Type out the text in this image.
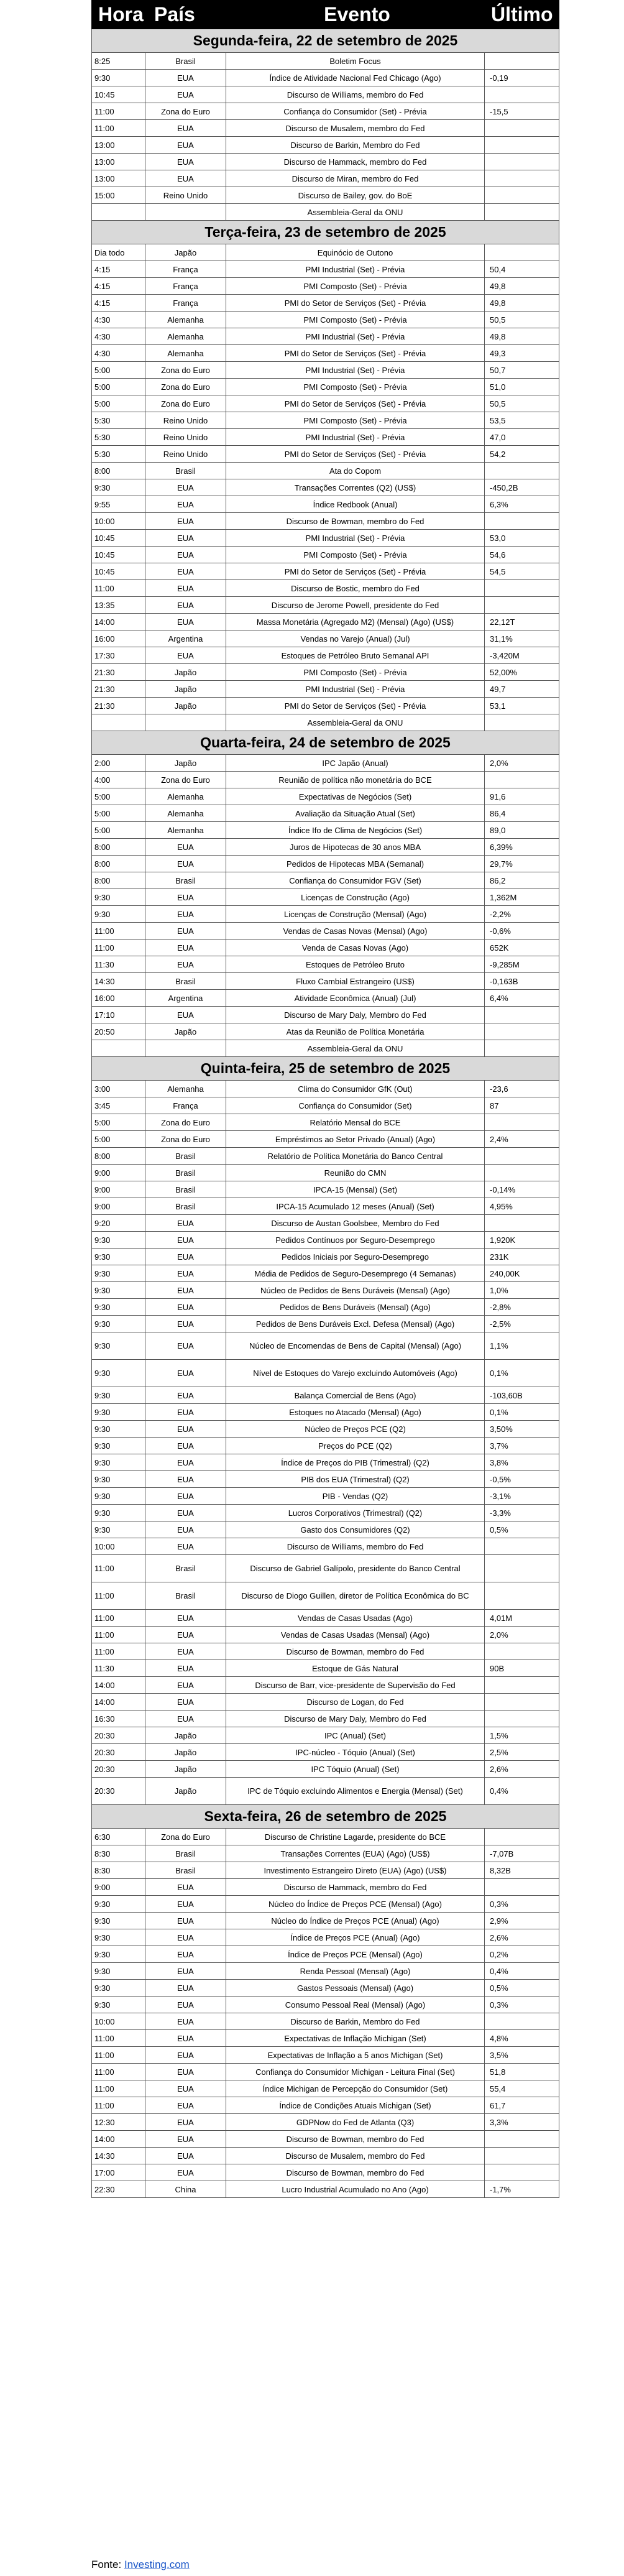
Hora	País	Evento	Último
Segunda-feira, 22 de setembro de 2025			
8:25	Brasil	Boletim Focus	
9:30	EUA	Índice de Atividade Nacional Fed Chicago (Ago)	-0,19
10:45	EUA	Discurso de Williams, membro do Fed	
11:00	Zona do Euro	Confiança do Consumidor (Set) - Prévia	-15,5
11:00	EUA	Discurso de Musalem, membro do Fed	
13:00	EUA	Discurso de Barkin, Membro do Fed	
13:00	EUA	Discurso de Hammack, membro do Fed	
13:00	EUA	Discurso de Miran, membro do Fed	
15:00	Reino Unido	Discurso de Bailey, gov. do BoE	
		Assembleia-Geral da ONU	
Terça-feira, 23 de setembro de 2025			
Dia todo	Japão	Equinócio de Outono	
4:15	França	PMI Industrial (Set) - Prévia	50,4
4:15	França	PMI Composto (Set) - Prévia	49,8
4:15	França	PMI do Setor de Serviços (Set) - Prévia	49,8
4:30	Alemanha	PMI Composto (Set) - Prévia	50,5
4:30	Alemanha	PMI Industrial (Set) - Prévia	49,8
4:30	Alemanha	PMI do Setor de Serviços (Set) - Prévia	49,3
5:00	Zona do Euro	PMI Industrial (Set) - Prévia	50,7
5:00	Zona do Euro	PMI Composto (Set) - Prévia	51,0
5:00	Zona do Euro	PMI do Setor de Serviços (Set) - Prévia	50,5
5:30	Reino Unido	PMI Composto (Set) - Prévia	53,5
5:30	Reino Unido	PMI Industrial (Set) - Prévia	47,0
5:30	Reino Unido	PMI do Setor de Serviços (Set) - Prévia	54,2
8:00	Brasil	Ata do Copom	
9:30	EUA	Transações Correntes (Q2) (US$)	-450,2B
9:55	EUA	Índice Redbook (Anual)	6,3%
10:00	EUA	Discurso de Bowman, membro do Fed	
10:45	EUA	PMI Industrial (Set) - Prévia	53,0
10:45	EUA	PMI Composto (Set) - Prévia	54,6
10:45	EUA	PMI do Setor de Serviços (Set) - Prévia	54,5
11:00	EUA	Discurso de Bostic, membro do Fed	
13:35	EUA	Discurso de Jerome Powell, presidente do Fed	
14:00	EUA	Massa Monetária (Agregado M2) (Mensal) (Ago) (US$)	22,12T
16:00	Argentina	Vendas no Varejo (Anual) (Jul)	31,1%
17:30	EUA	Estoques de Petróleo Bruto Semanal API	-3,420M
21:30	Japão	PMI Composto (Set) - Prévia	52,00%
21:30	Japão	PMI Industrial (Set) - Prévia	49,7
21:30	Japão	PMI do Setor de Serviços (Set) - Prévia	53,1
		Assembleia-Geral da ONU	
Quarta-feira, 24 de setembro de 2025			
2:00	Japão	IPC Japão (Anual)	2,0%
4:00	Zona do Euro	Reunião de política não monetária do BCE	
5:00	Alemanha	Expectativas de Negócios (Set)	91,6
5:00	Alemanha	Avaliação da Situação Atual (Set)	86,4
5:00	Alemanha	Índice Ifo de Clima de Negócios (Set)	89,0
8:00	EUA	Juros de Hipotecas de 30 anos MBA	6,39%
8:00	EUA	Pedidos de Hipotecas MBA (Semanal)	29,7%
8:00	Brasil	Confiança do Consumidor FGV (Set)	86,2
9:30	EUA	Licenças de Construção (Ago)	1,362M
9:30	EUA	Licenças de Construção (Mensal) (Ago)	-2,2%
11:00	EUA	Vendas de Casas Novas (Mensal) (Ago)	-0,6%
11:00	EUA	Venda de Casas Novas (Ago)	652K
11:30	EUA	Estoques de Petróleo Bruto	-9,285M
14:30	Brasil	Fluxo Cambial Estrangeiro (US$)	-0,163B
16:00	Argentina	Atividade Econômica (Anual) (Jul)	6,4%
17:10	EUA	Discurso de Mary Daly, Membro do Fed	
20:50	Japão	Atas da Reunião de Política Monetária	
		Assembleia-Geral da ONU	
Quinta-feira, 25 de setembro de 2025			
3:00	Alemanha	Clima do Consumidor GfK (Out)	-23,6
3:45	França	Confiança do Consumidor (Set)	87
5:00	Zona do Euro	Relatório Mensal do BCE	
5:00	Zona do Euro	Empréstimos ao Setor Privado (Anual) (Ago)	2,4%
8:00	Brasil	Relatório de Política Monetária do Banco Central	
9:00	Brasil	Reunião do CMN	
9:00	Brasil	IPCA-15 (Mensal) (Set)	-0,14%
9:00	Brasil	IPCA-15 Acumulado 12 meses (Anual) (Set)	4,95%
9:20	EUA	Discurso de Austan Goolsbee, Membro do Fed	
9:30	EUA	Pedidos Contínuos por Seguro-Desemprego	1,920K
9:30	EUA	Pedidos Iniciais por Seguro-Desemprego	231K
9:30	EUA	Média de Pedidos de Seguro-Desemprego (4 Semanas)	240,00K
9:30	EUA	Núcleo de Pedidos de Bens Duráveis (Mensal) (Ago)	1,0%
9:30	EUA	Pedidos de Bens Duráveis (Mensal) (Ago)	-2,8%
9:30	EUA	Pedidos de Bens Duráveis Excl. Defesa (Mensal) (Ago)	-2,5%
9:30	EUA	Núcleo de Encomendas de Bens de Capital (Mensal) (Ago)	1,1%
9:30	EUA	Nível de Estoques do Varejo excluindo Automóveis (Ago)	0,1%
9:30	EUA	Balança Comercial de Bens (Ago)	-103,60B
9:30	EUA	Estoques no Atacado (Mensal) (Ago)	0,1%
9:30	EUA	Núcleo de Preços PCE (Q2)	3,50%
9:30	EUA	Preços do PCE (Q2)	3,7%
9:30	EUA	Índice de Preços do PIB (Trimestral) (Q2)	3,8%
9:30	EUA	PIB dos EUA (Trimestral) (Q2)	-0,5%
9:30	EUA	PIB - Vendas (Q2)	-3,1%
9:30	EUA	Lucros Corporativos (Trimestral) (Q2)	-3,3%
9:30	EUA	Gasto dos Consumidores (Q2)	0,5%
10:00	EUA	Discurso de Williams, membro do Fed	
11:00	Brasil	Discurso de Gabriel Galípolo, presidente do Banco Central	
11:00	Brasil	Discurso de Diogo Guillen, diretor de Política Econômica do BC	
11:00	EUA	Vendas de Casas Usadas (Ago)	4,01M
11:00	EUA	Vendas de Casas Usadas (Mensal) (Ago)	2,0%
11:00	EUA	Discurso de Bowman, membro do Fed	
11:30	EUA	Estoque de Gás Natural	90B
14:00	EUA	Discurso de Barr, vice-presidente de Supervisão do Fed	
14:00	EUA	Discurso de Logan, do Fed	
16:30	EUA	Discurso de Mary Daly, Membro do Fed	
20:30	Japão	IPC (Anual) (Set)	1,5%
20:30	Japão	IPC-núcleo - Tóquio (Anual) (Set)	2,5%
20:30	Japão	IPC Tóquio (Anual) (Set)	2,6%
20:30	Japão	IPC de Tóquio excluindo Alimentos e Energia (Mensal) (Set)	0,4%
Sexta-feira, 26 de setembro de 2025			
6:30	Zona do Euro	Discurso de Christine Lagarde, presidente do BCE	
8:30	Brasil	Transações Correntes (EUA) (Ago) (US$)	-7,07B
8:30	Brasil	Investimento Estrangeiro Direto (EUA) (Ago) (US$)	8,32B
9:00	EUA	Discurso de Hammack, membro do Fed	
9:30	EUA	Núcleo do Índice de Preços PCE (Mensal) (Ago)	0,3%
9:30	EUA	Núcleo do Índice de Preços PCE (Anual) (Ago)	2,9%
9:30	EUA	Índice de Preços PCE (Anual) (Ago)	2,6%
9:30	EUA	Índice de Preços PCE (Mensal) (Ago)	0,2%
9:30	EUA	Renda Pessoal (Mensal) (Ago)	0,4%
9:30	EUA	Gastos Pessoais (Mensal) (Ago)	0,5%
9:30	EUA	Consumo Pessoal Real (Mensal) (Ago)	0,3%
10:00	EUA	Discurso de Barkin, Membro do Fed	
11:00	EUA	Expectativas de Inflação Michigan (Set)	4,8%
11:00	EUA	Expectativas de Inflação a 5 anos Michigan (Set)	3,5%
11:00	EUA	Confiança do Consumidor Michigan - Leitura Final (Set)	51,8
11:00	EUA	Índice Michigan de Percepção do Consumidor (Set)	55,4
11:00	EUA	Índice de Condições Atuais Michigan (Set)	61,7
12:30	EUA	GDPNow do Fed de Atlanta (Q3)	3,3%
14:00	EUA	Discurso de Bowman, membro do Fed	
14:30	EUA	Discurso de Musalem, membro do Fed	
17:00	EUA	Discurso de Bowman, membro do Fed	
22:30	China	Lucro Industrial Acumulado no Ano (Ago)	-1,7%
Fonte: Investing.com
